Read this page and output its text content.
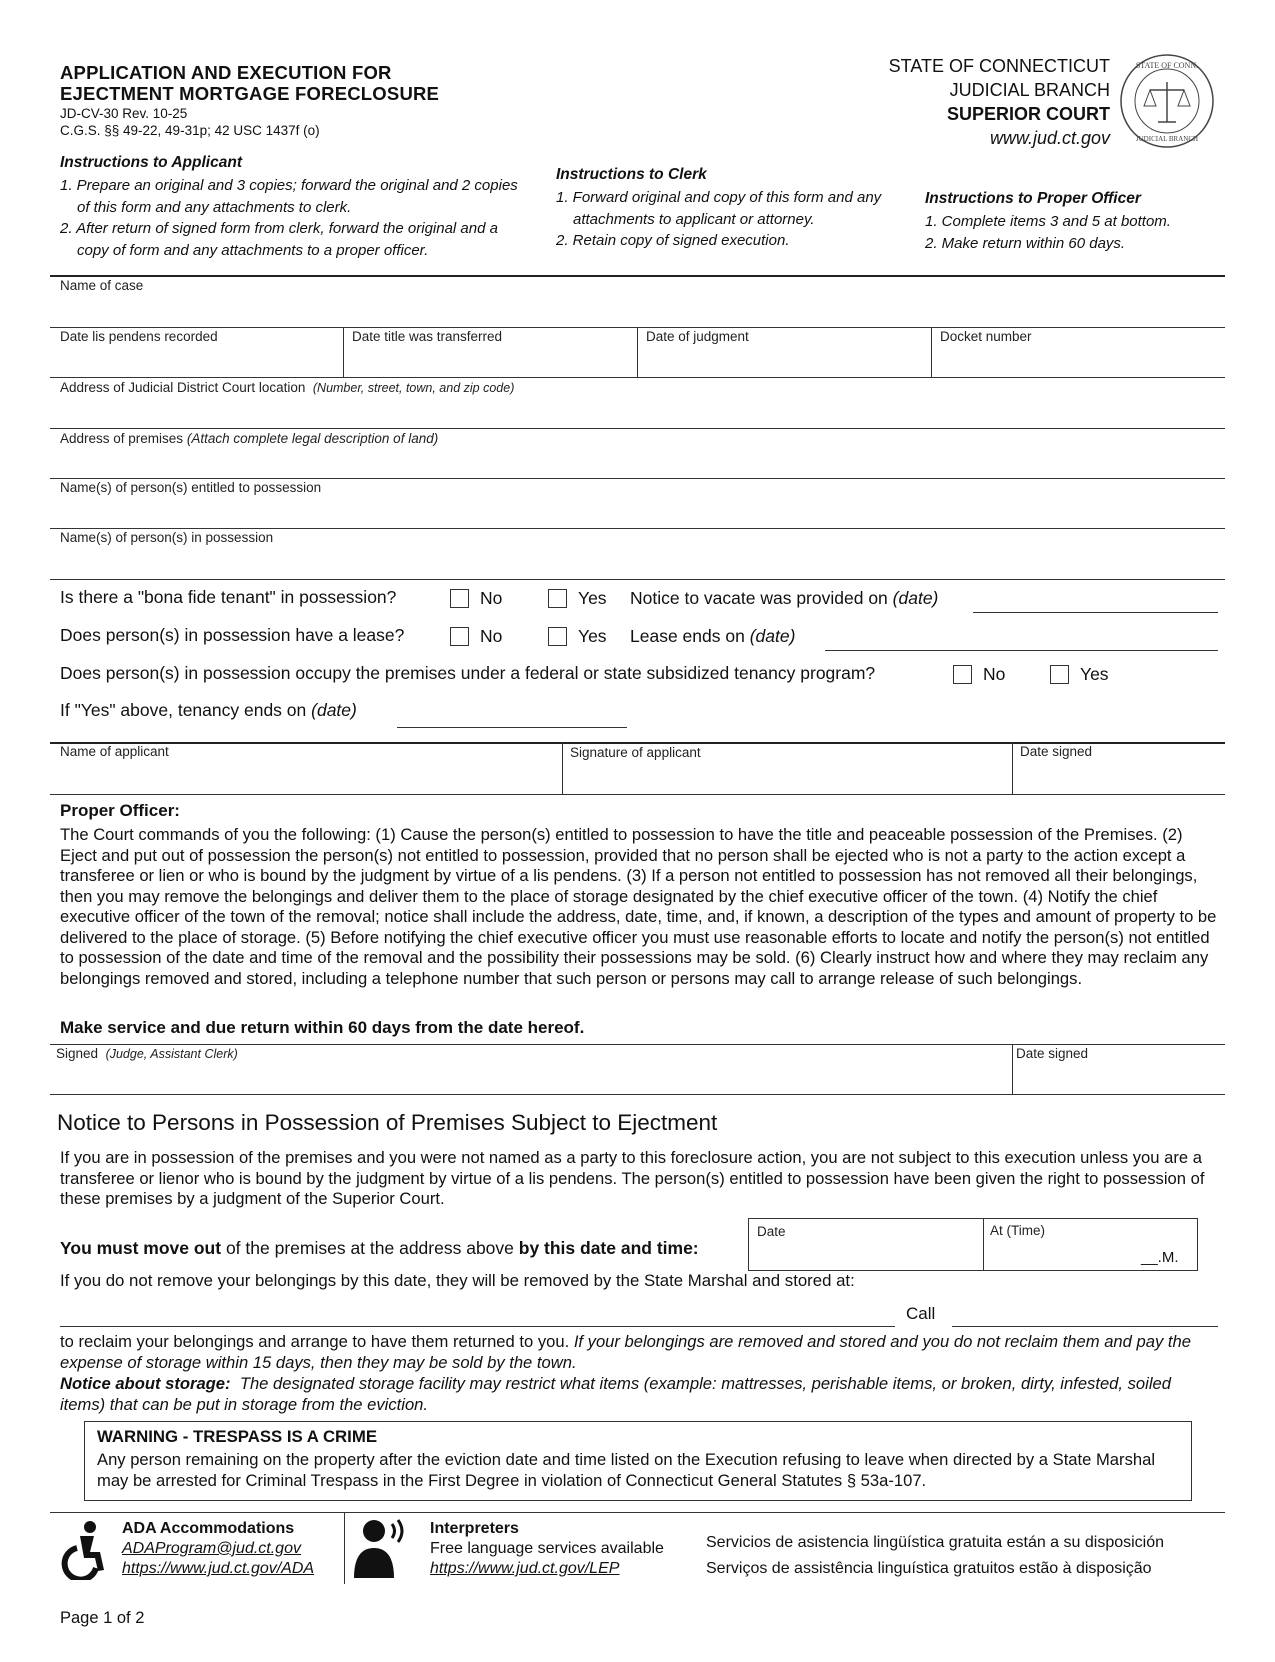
APPLICATION AND EXECUTION FOR
EJECTMENT MORTGAGE FORECLOSURE
JD-CV-30 Rev. 10-25
C.G.S. §§ 49-22, 49-31p; 42 USC 1437f (o)
STATE OF CONNECTICUT
JUDICIAL BRANCH
SUPERIOR COURT
www.jud.ct.gov
STATE OF CONN.
JUDICIAL BRANCH
Instructions to Applicant
1. Prepare an original and 3 copies; forward the original and 2 copies of this form and any attachments to clerk.
2. After return of signed form from clerk, forward the original and a copy of form and any attachments to a proper officer.
Instructions to Clerk
1. Forward original and copy of this form and any attachments to applicant or attorney.
2. Retain copy of signed execution.
Instructions to Proper Officer
1. Complete items 3 and 5 at bottom.
2. Make return within 60 days.
Name of case
Date lis pendens recorded	Date title was transferred	Date of judgment	Docket number
Address of Judicial District Court location (Number, street, town, and zip code)
Address of premises (Attach complete legal description of land)
Name(s) of person(s) entitled to possession
Name(s) of person(s) in possession
Is there a "bona fide tenant" in possession?	No	Yes Notice to vacate was provided on (date)
Does person(s) in possession have a lease?	No	Yes Lease ends on (date)
Does person(s) in possession occupy the premises under a federal or state subsidized tenancy program?	No	Yes
If "Yes" above, tenancy ends on (date)
Name of applicant	Signature of applicant	Date signed
Proper Officer:
The Court commands of you the following: (1) Cause the person(s) entitled to possession to have the title and peaceable possession of the Premises. (2) Eject and put out of possession the person(s) not entitled to possession, provided that no person shall be ejected who is not a party to the action except a transferee or lien or who is bound by the judgment by virtue of a lis pendens. (3) If a person not entitled to possession has not removed all their belongings, then you may remove the belongings and deliver them to the place of storage designated by the chief executive officer of the town. (4) Notify the chief executive officer of the town of the removal; notice shall include the address, date, time, and, if known, a description of the types and amount of property to be delivered to the place of storage. (5) Before notifying the chief executive officer you must use reasonable efforts to locate and notify the person(s) not entitled to possession of the date and time of the removal and the possibility their possessions may be sold. (6) Clearly instruct how and where they may reclaim any belongings removed and stored, including a telephone number that such person or persons may call to arrange release of such belongings.
Make service and due return within 60 days from the date hereof.
Signed (Judge, Assistant Clerk)	Date signed
Notice to Persons in Possession of Premises Subject to Ejectment
If you are in possession of the premises and you were not named as a party to this foreclosure action, you are not subject to this execution unless you are a transferee or lienor who is bound by the judgment by virtue of a lis pendens. The person(s) entitled to possession have been given the right to possession of these premises by a judgment of the Superior Court.
You must move out of the premises at the address above by this date and time:
Date	At (Time)
__.M.
If you do not remove your belongings by this date, they will be removed by the State Marshal and stored at:
Call
to reclaim your belongings and arrange to have them returned to you. If your belongings are removed and stored and you do not reclaim them and pay the expense of storage within 15 days, then they may be sold by the town.
Notice about storage: The designated storage facility may restrict what items (example: mattresses, perishable items, or broken, dirty, infested, soiled items) that can be put in storage from the eviction.
WARNING - TRESPASS IS A CRIME
Any person remaining on the property after the eviction date and time listed on the Execution refusing to leave when directed by a State Marshal may be arrested for Criminal Trespass in the First Degree in violation of Connecticut General Statutes § 53a-107.
ADA Accommodations
ADAProgram@jud.ct.gov
https://www.jud.ct.gov/ADA
Interpreters
Free language services available
https://www.jud.ct.gov/LEP
Servicios de asistencia lingüística gratuita están a su disposición
Serviços de assistência linguística gratuitos estão à disposição
Page 1 of 2
